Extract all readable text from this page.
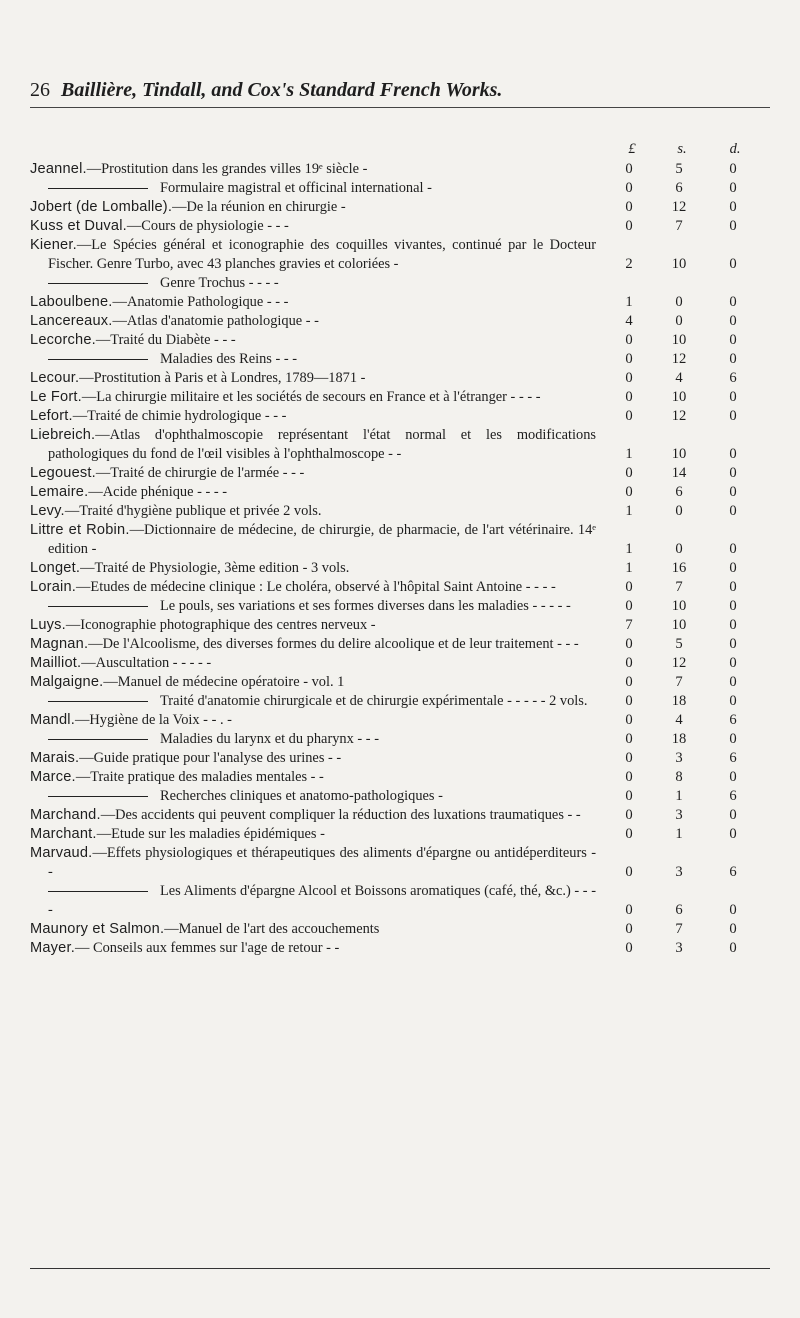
26 Baillière, Tindall, and Cox's Standard French Works.
£	s.	d.
Jeannel.—Prostitution dans les grandes villes 19ᵉ siècle -	0	5	0
Formulaire magistral et officinal international -	0	6	0
Jobert (de Lomballe).—De la réunion en chirurgie -	0	12	0
Kuss et Duval.—Cours de physiologie - - -	0	7	0
Kiener.—Le Spécies général et iconographie des coquilles vivantes, continué par le Docteur Fischer. Genre Turbo, avec 43 planches gravies et coloriées -	2	10	0
Genre Trochus - - - -
Laboulbene.—Anatomie Pathologique - - -	1	0	0
Lancereaux.—Atlas d'anatomie pathologique - -	4	0	0
Lecorche.—Traité du Diabète - - -	0	10	0
Maladies des Reins - - -	0	12	0
Lecour.—Prostitution à Paris et à Londres, 1789—1871 -	0	4	6
Le Fort.—La chirurgie militaire et les sociétés de secours en France et à l'étranger - - - -	0	10	0
Lefort.—Traité de chimie hydrologique - - -	0	12	0
Liebreich.—Atlas d'ophthalmoscopie représentant l'état normal et les modifications pathologiques du fond de l'œil visibles à l'ophthalmoscope - -	1	10	0
Legouest.—Traité de chirurgie de l'armée - - -	0	14	0
Lemaire.—Acide phénique - - - -	0	6	0
Levy.—Traité d'hygiène publique et privée 2 vols.	1	0	0
Littre et Robin.—Dictionnaire de médecine, de chirurgie, de pharmacie, de l'art vétérinaire. 14ᵉ edition -	1	0	0
Longet.—Traité de Physiologie, 3ème edition - 3 vols.	1	16	0
Lorain.—Etudes de médecine clinique : Le choléra, observé à l'hôpital Saint Antoine - - - -	0	7	0
Le pouls, ses variations et ses formes diverses dans les maladies - - - - -	0	10	0
Luys.—Iconographie photographique des centres nerveux -	7	10	0
Magnan.—De l'Alcoolisme, des diverses formes du delire alcoolique et de leur traitement - - -	0	5	0
Mailliot.—Auscultation - - - - -	0	12	0
Malgaigne.—Manuel de médecine opératoire - vol. 1	0	7	0
Traité d'anatomie chirurgicale et de chirurgie expérimentale - - - - - 2 vols.	0	18	0
Mandl.—Hygiène de la Voix - - . -	0	4	6
Maladies du larynx et du pharynx - - -	0	18	0
Marais.—Guide pratique pour l'analyse des urines - -	0	3	6
Marce.—Traite pratique des maladies mentales - -	0	8	0
Recherches cliniques et anatomo-pathologiques -	0	1	6
Marchand.—Des accidents qui peuvent compliquer la réduction des luxations traumatiques - -	0	3	0
Marchant.—Etude sur les maladies épidémiques -	0	1	0
Marvaud.—Effets physiologiques et thérapeutiques des aliments d'épargne ou antidéperditeurs - -	0	3	6
Les Aliments d'épargne Alcool et Boissons aromatiques (café, thé, &c.) - - - -	0	6	0
Maunory et Salmon.—Manuel de l'art des accouchements	0	7	0
Mayer.— Conseils aux femmes sur l'age de retour - -	0	3	0
